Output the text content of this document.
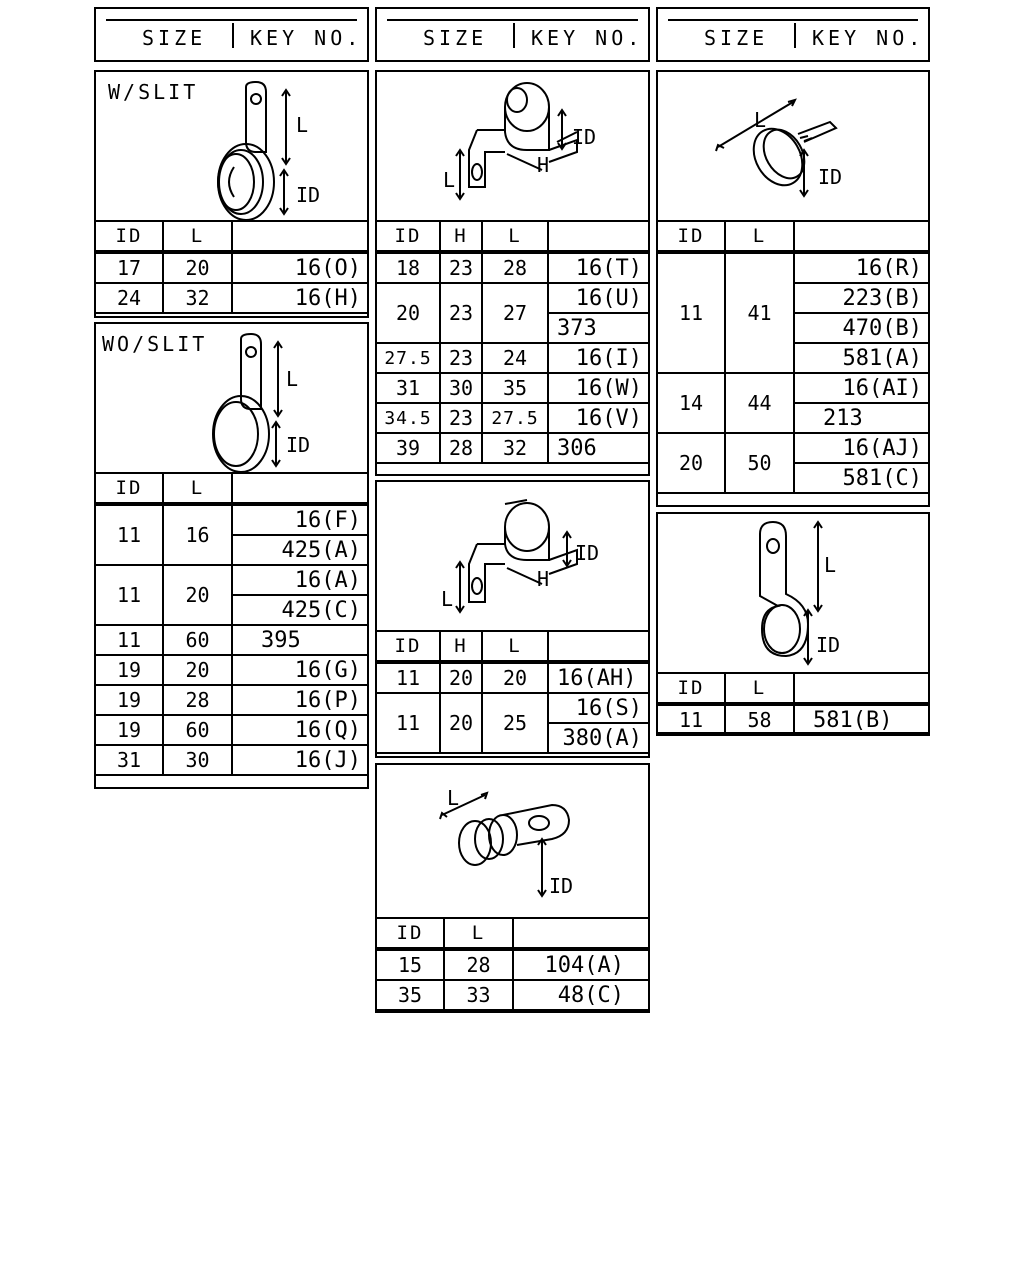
SIZE KEY NO.	SIZE KEY NO.	SIZE KEY NO.
W/SLIT
L
ID
ID	L	
17	20	16(O)
24	32	16(H)
WO/SLIT
L
ID
ID	L	
11	16	16(F)
		425(A)
11	20	16(A)
		425(C)
11	60	395
19	20	16(G)
19	28	16(P)
19	60	16(Q)
31	30	16(J)
ID
H
L
ID	H	L	
18	23	28	16(T)
20	23	27	16(U)
			373
27.5	23	24	16(I)
31	30	35	16(W)
34.5	23	27.5	16(V)
39	28	32	306
ID
H
L
ID	H	L	
11	20	20	16(AH)
11	20	25	16(S)
			380(A)
L
ID
ID	L	
15	28	104(A)
35	33	48(C)
L
ID
ID	L	
11	41	16(R)
		223(B)
		470(B)
		581(A)
14	44	16(AI)
		213
20	50	16(AJ)
		581(C)
L
ID
ID	L	
11	58	581(B)
